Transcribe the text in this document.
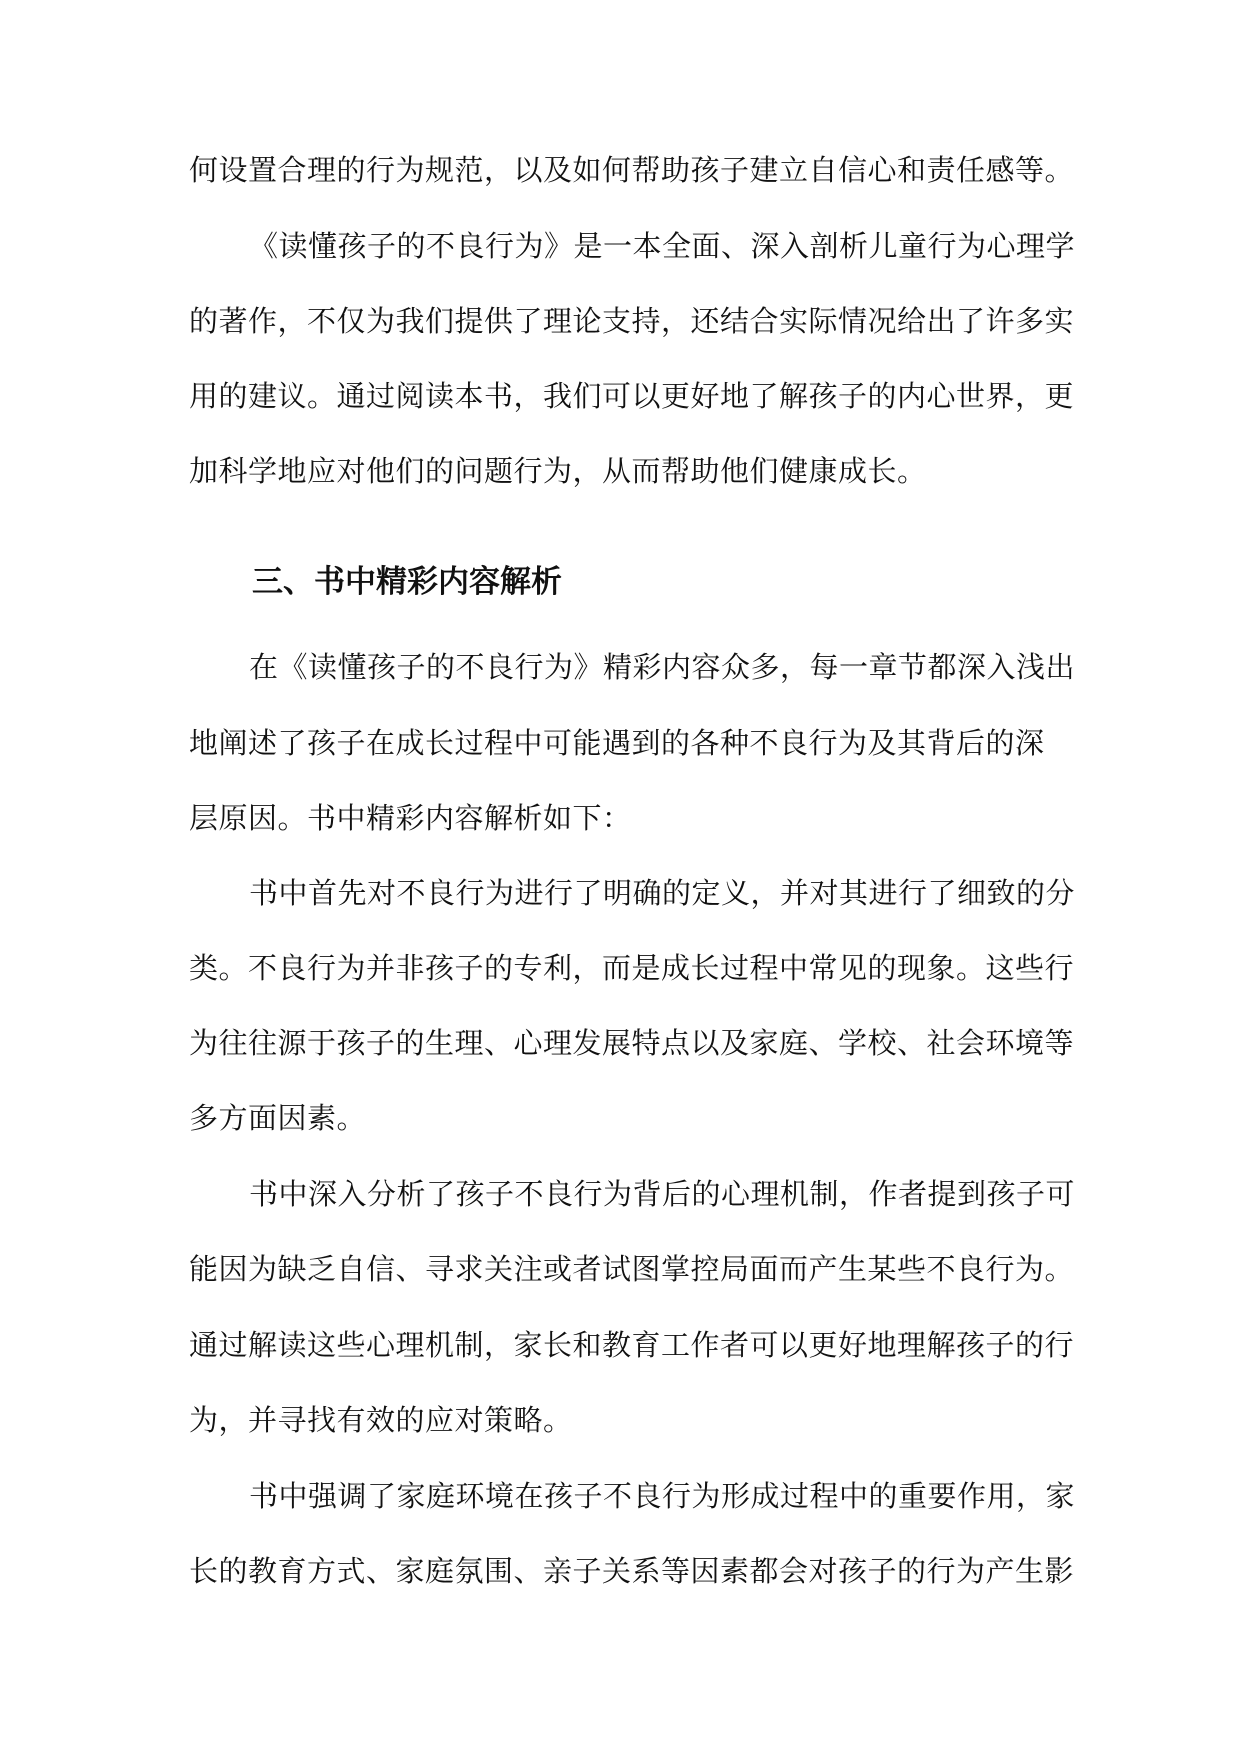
何设置合理的行为规范，以及如何帮助孩子建立自信心和责任感等。
《读懂孩子的不良行为》是一本全面、深入剖析儿童行为心理学
的著作，不仅为我们提供了理论支持，还结合实际情况给出了许多实
用的建议。通过阅读本书，我们可以更好地了解孩子的内心世界，更
加科学地应对他们的问题行为，从而帮助他们健康成长。
三、书中精彩内容解析
在《读懂孩子的不良行为》精彩内容众多，每一章节都深入浅出
地阐述了孩子在成长过程中可能遇到的各种不良行为及其背后的深
层原因。书中精彩内容解析如下：
书中首先对不良行为进行了明确的定义，并对其进行了细致的分
类。不良行为并非孩子的专利，而是成长过程中常见的现象。这些行
为往往源于孩子的生理、心理发展特点以及家庭、学校、社会环境等
多方面因素。
书中深入分析了孩子不良行为背后的心理机制，作者提到孩子可
能因为缺乏自信、寻求关注或者试图掌控局面而产生某些不良行为。
通过解读这些心理机制，家长和教育工作者可以更好地理解孩子的行
为，并寻找有效的应对策略。
书中强调了家庭环境在孩子不良行为形成过程中的重要作用，家
长的教育方式、家庭氛围、亲子关系等因素都会对孩子的行为产生影
